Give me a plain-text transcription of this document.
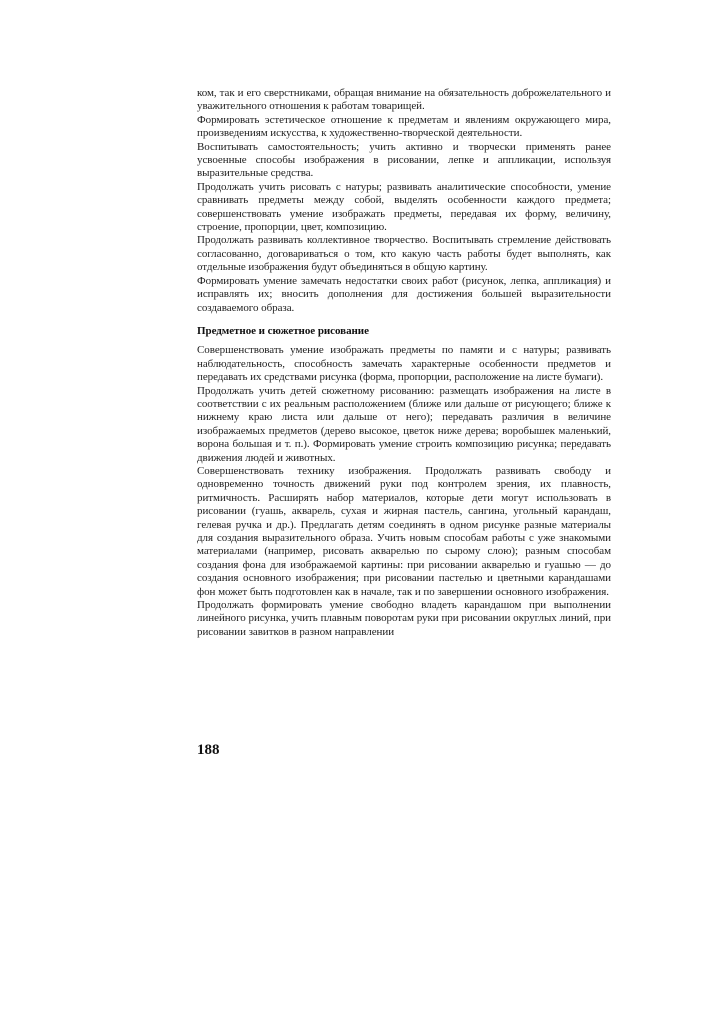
ком, так и его сверстниками, обращая внимание на обязательность доброжелательного и уважительного отношения к работам товарищей.

Формировать эстетическое отношение к предметам и явлениям окружающего мира, произведениям искусства, к художественно-творческой деятельности.

Воспитывать самостоятельность; учить активно и творчески применять ранее усвоенные способы изображения в рисовании, лепке и аппликации, используя выразительные средства.

Продолжать учить рисовать с натуры; развивать аналитические способности, умение сравнивать предметы между собой, выделять особенности каждого предмета; совершенствовать умение изображать предметы, передавая их форму, величину, строение, пропорции, цвет, композицию.

Продолжать развивать коллективное творчество. Воспитывать стремление действовать согласованно, договариваться о том, кто какую часть работы будет выполнять, как отдельные изображения будут объединяться в общую картину.

Формировать умение замечать недостатки своих работ (рисунок, лепка, аппликация) и исправлять их; вносить дополнения для достижения большей выразительности создаваемого образа.

Предметное и сюжетное рисование

Совершенствовать умение изображать предметы по памяти и с натуры; развивать наблюдательность, способность замечать характерные особенности предметов и передавать их средствами рисунка (форма, пропорции, расположение на листе бумаги).

Продолжать учить детей сюжетному рисованию: размещать изображения на листе в соответствии с их реальным расположением (ближе или дальше от рисующего; ближе к нижнему краю листа или дальше от него); передавать различия в величине изображаемых предметов (дерево высокое, цветок ниже дерева; воробышек маленький, ворона большая и т. п.). Формировать умение строить композицию рисунка; передавать движения людей и животных.

Совершенствовать технику изображения. Продолжать развивать свободу и одновременно точность движений руки под контролем зрения, их плавность, ритмичность. Расширять набор материалов, которые дети могут использовать в рисовании (гуашь, акварель, сухая и жирная пастель, сангина, угольный карандаш, гелевая ручка и др.). Предлагать детям соединять в одном рисунке разные материалы для создания выразительного образа. Учить новым способам работы с уже знакомыми материалами (например, рисовать акварелью по сырому слою); разным способам создания фона для изображаемой картины: при рисовании акварелью и гуашью — до создания основного изображения; при рисовании пастелью и цветными карандашами фон может быть подготовлен как в начале, так и по завершении основного изображения.

Продолжать формировать умение свободно владеть карандашом при выполнении линейного рисунка, учить плавным поворотам руки при рисовании округлых линий, при рисовании завитков в разном направлении

188
